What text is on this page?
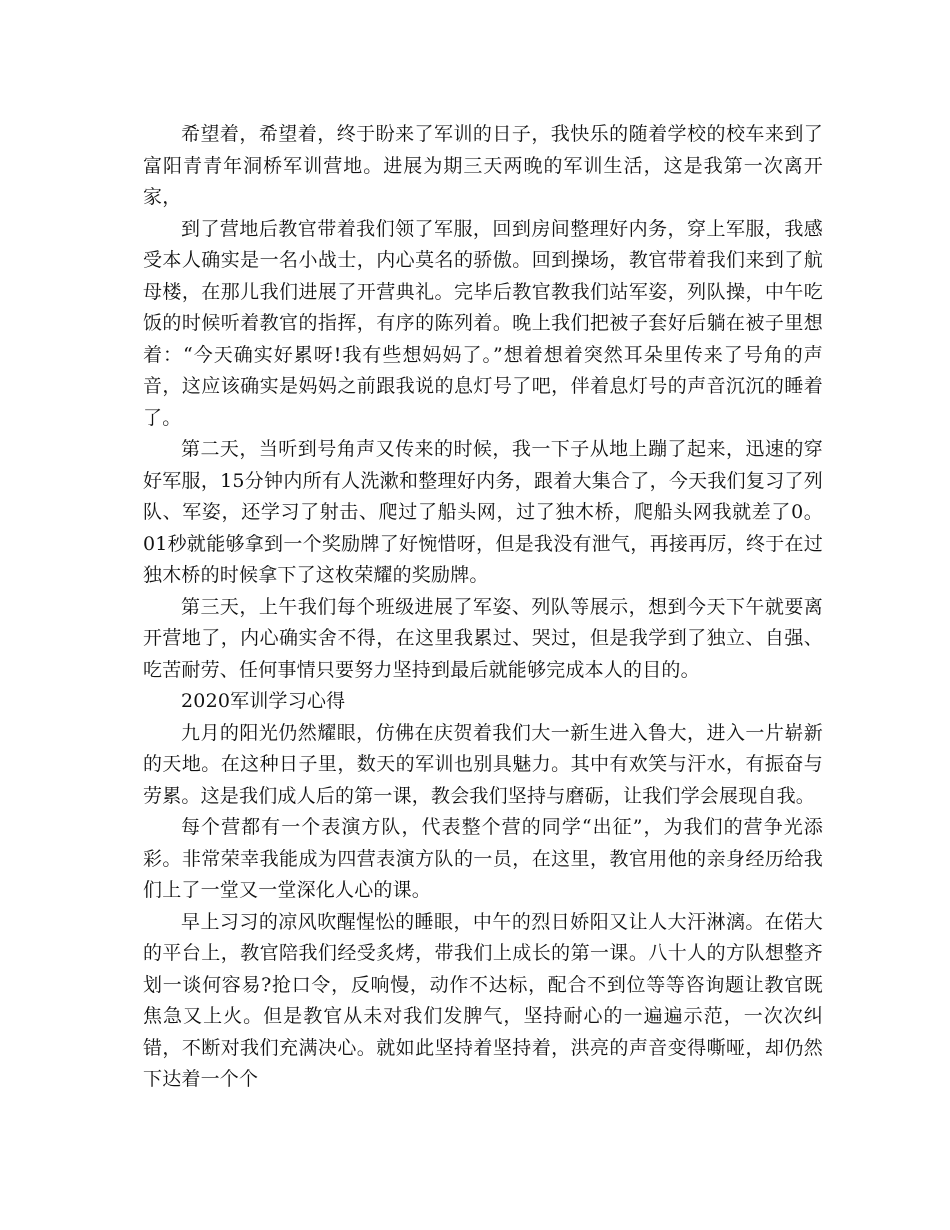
希望着，希望着，终于盼来了军训的日子，我快乐的随着学校的校车来到了富阳青青年洞桥军训营地。进展为期三天两晚的军训生活，这是我第一次离开家，

到了营地后教官带着我们领了军服，回到房间整理好内务，穿上军服，我感受本人确实是一名小战士，内心莫名的骄傲。回到操场，教官带着我们来到了航母楼，在那儿我们进展了开营典礼。完毕后教官教我们站军姿，列队操，中午吃饭的时候听着教官的指挥，有序的陈列着。晚上我们把被子套好后躺在被子里想着：“今天确实好累呀!我有些想妈妈了。”想着想着突然耳朵里传来了号角的声音，这应该确实是妈妈之前跟我说的息灯号了吧，伴着息灯号的声音沉沉的睡着了。

第二天，当听到号角声又传来的时候，我一下子从地上蹦了起来，迅速的穿好军服，15分钟内所有人洗漱和整理好内务，跟着大集合了，今天我们复习了列队、军姿，还学习了射击、爬过了船头网，过了独木桥，爬船头网我就差了0。01秒就能够拿到一个奖励牌了好惋惜呀，但是我没有泄气，再接再厉，终于在过独木桥的时候拿下了这枚荣耀的奖励牌。

第三天，上午我们每个班级进展了军姿、列队等展示，想到今天下午就要离开营地了，内心确实舍不得，在这里我累过、哭过，但是我学到了独立、自强、吃苦耐劳、任何事情只要努力坚持到最后就能够完成本人的目的。

2020军训学习心得

九月的阳光仍然耀眼，仿佛在庆贺着我们大一新生进入鲁大，进入一片崭新的天地。在这种日子里，数天的军训也别具魅力。其中有欢笑与汗水，有振奋与劳累。这是我们成人后的第一课，教会我们坚持与磨砺，让我们学会展现自我。

每个营都有一个表演方队，代表整个营的同学“出征”，为我们的营争光添彩。非常荣幸我能成为四营表演方队的一员，在这里，教官用他的亲身经历给我们上了一堂又一堂深化人心的课。

早上习习的凉风吹醒惺忪的睡眼，中午的烈日娇阳又让人大汗淋漓。在偌大的平台上，教官陪我们经受炙烤，带我们上成长的第一课。八十人的方队想整齐划一谈何容易?抢口令，反响慢，动作不达标，配合不到位等等咨询题让教官既焦急又上火。但是教官从未对我们发脾气，坚持耐心的一遍遍示范，一次次纠错，不断对我们充满决心。就如此坚持着坚持着，洪亮的声音变得嘶哑，却仍然下达着一个个
